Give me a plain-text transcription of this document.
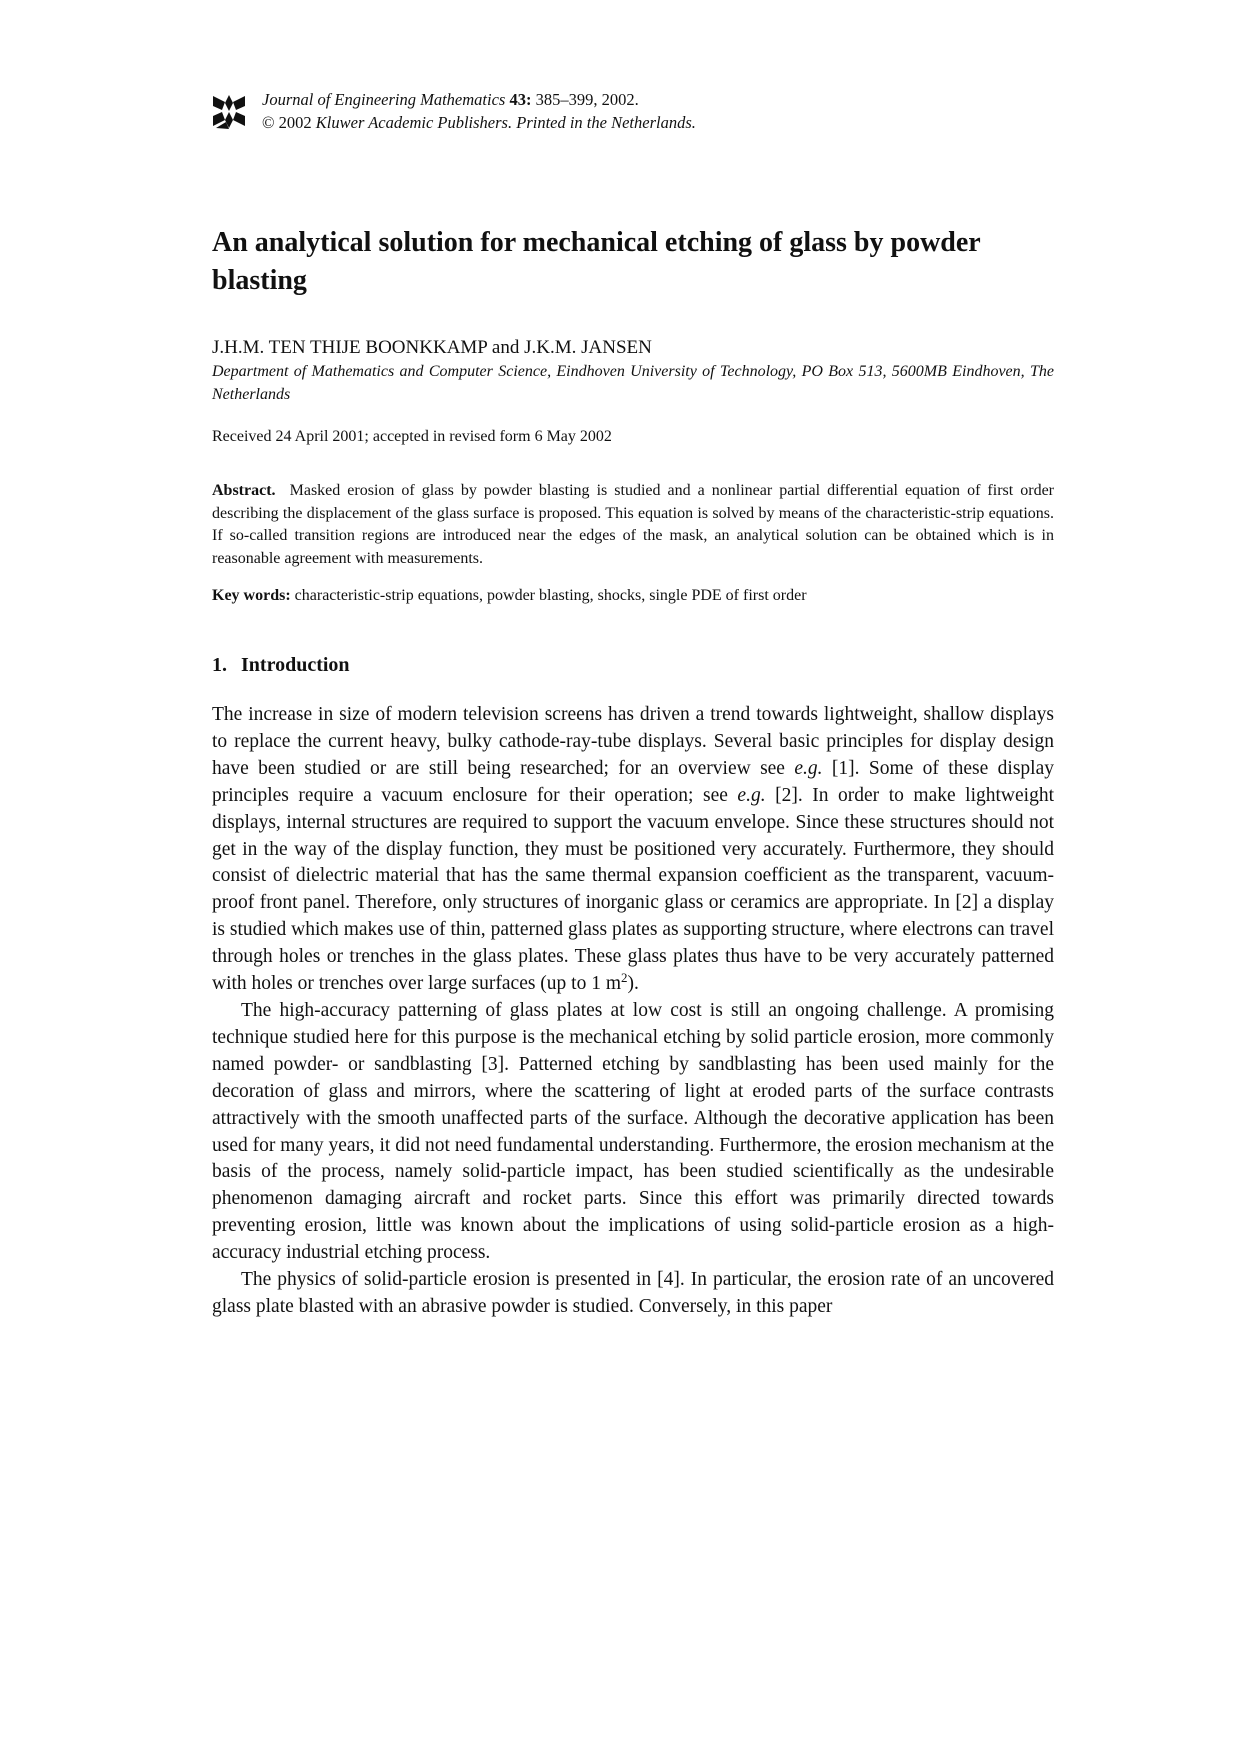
Journal of Engineering Mathematics 43: 385–399, 2002.
© 2002 Kluwer Academic Publishers. Printed in the Netherlands.
An analytical solution for mechanical etching of glass by powder blasting
J.H.M. TEN THIJE BOONKKAMP and J.K.M. JANSEN
Department of Mathematics and Computer Science, Eindhoven University of Technology, PO Box 513, 5600MB Eindhoven, The Netherlands
Received 24 April 2001; accepted in revised form 6 May 2002
Abstract. Masked erosion of glass by powder blasting is studied and a nonlinear partial differential equation of first order describing the displacement of the glass surface is proposed. This equation is solved by means of the characteristic-strip equations. If so-called transition regions are introduced near the edges of the mask, an analytical solution can be obtained which is in reasonable agreement with measurements.
Key words: characteristic-strip equations, powder blasting, shocks, single PDE of first order
1. Introduction

The increase in size of modern television screens has driven a trend towards lightweight, shallow displays to replace the current heavy, bulky cathode-ray-tube displays. Several basic principles for display design have been studied or are still being researched; for an overview see e.g. [1]. Some of these display principles require a vacuum enclosure for their operation; see e.g. [2]. In order to make lightweight displays, internal structures are required to support the vacuum envelope. Since these structures should not get in the way of the display function, they must be positioned very accurately. Furthermore, they should consist of dielectric material that has the same thermal expansion coefficient as the transparent, vacuum-proof front panel. Therefore, only structures of inorganic glass or ceramics are appropriate. In [2] a display is studied which makes use of thin, patterned glass plates as supporting structure, where electrons can travel through holes or trenches in the glass plates. These glass plates thus have to be very accurately patterned with holes or trenches over large surfaces (up to 1 $m^2$).

The high-accuracy patterning of glass plates at low cost is still an ongoing challenge. A promising technique studied here for this purpose is the mechanical etching by solid particle erosion, more commonly named powder- or sandblasting [3]. Patterned etching by sandblasting has been used mainly for the decoration of glass and mirrors, where the scattering of light at eroded parts of the surface contrasts attractively with the smooth unaffected parts of the surface. Although the decorative application has been used for many years, it did not need fundamental understanding. Furthermore, the erosion mechanism at the basis of the process, namely solid-particle impact, has been studied scientifically as the undesirable phenomenon damaging aircraft and rocket parts. Since this effort was primarily directed towards preventing erosion, little was known about the implications of using solid-particle erosion as a high-accuracy industrial etching process.

The physics of solid-particle erosion is presented in [4]. In particular, the erosion rate of an uncovered glass plate blasted with an abrasive powder is studied. Conversely, in this paper
